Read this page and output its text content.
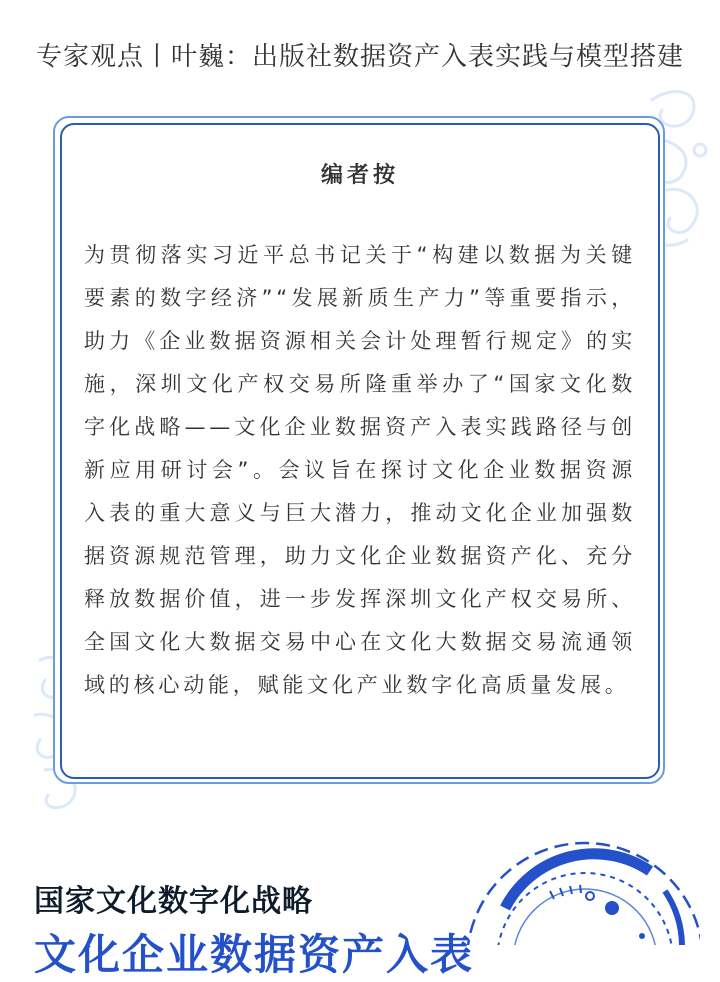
专家观点丨叶巍：出版社数据资产入表实践与模型搭建
编者按

为贯彻落实习近平总书记关于“构建以数据为关键要素的数字经济”“发展新质生产力”等重要指示，助力《企业数据资源相关会计处理暂行规定》的实施，深圳文化产权交易所隆重举办了“国家文化数字化战略——文化企业数据资产入表实践路径与创新应用研讨会”。会议旨在探讨文化企业数据资源入表的重大意义与巨大潜力，推动文化企业加强数据资源规范管理，助力文化企业数据资产化、充分释放数据价值，进一步发挥深圳文化产权交易所、全国文化大数据交易中心在文化大数据交易流通领域的核心动能，赋能文化产业数字化高质量发展。

国家文化数字化战略
文化企业数据资产入表
